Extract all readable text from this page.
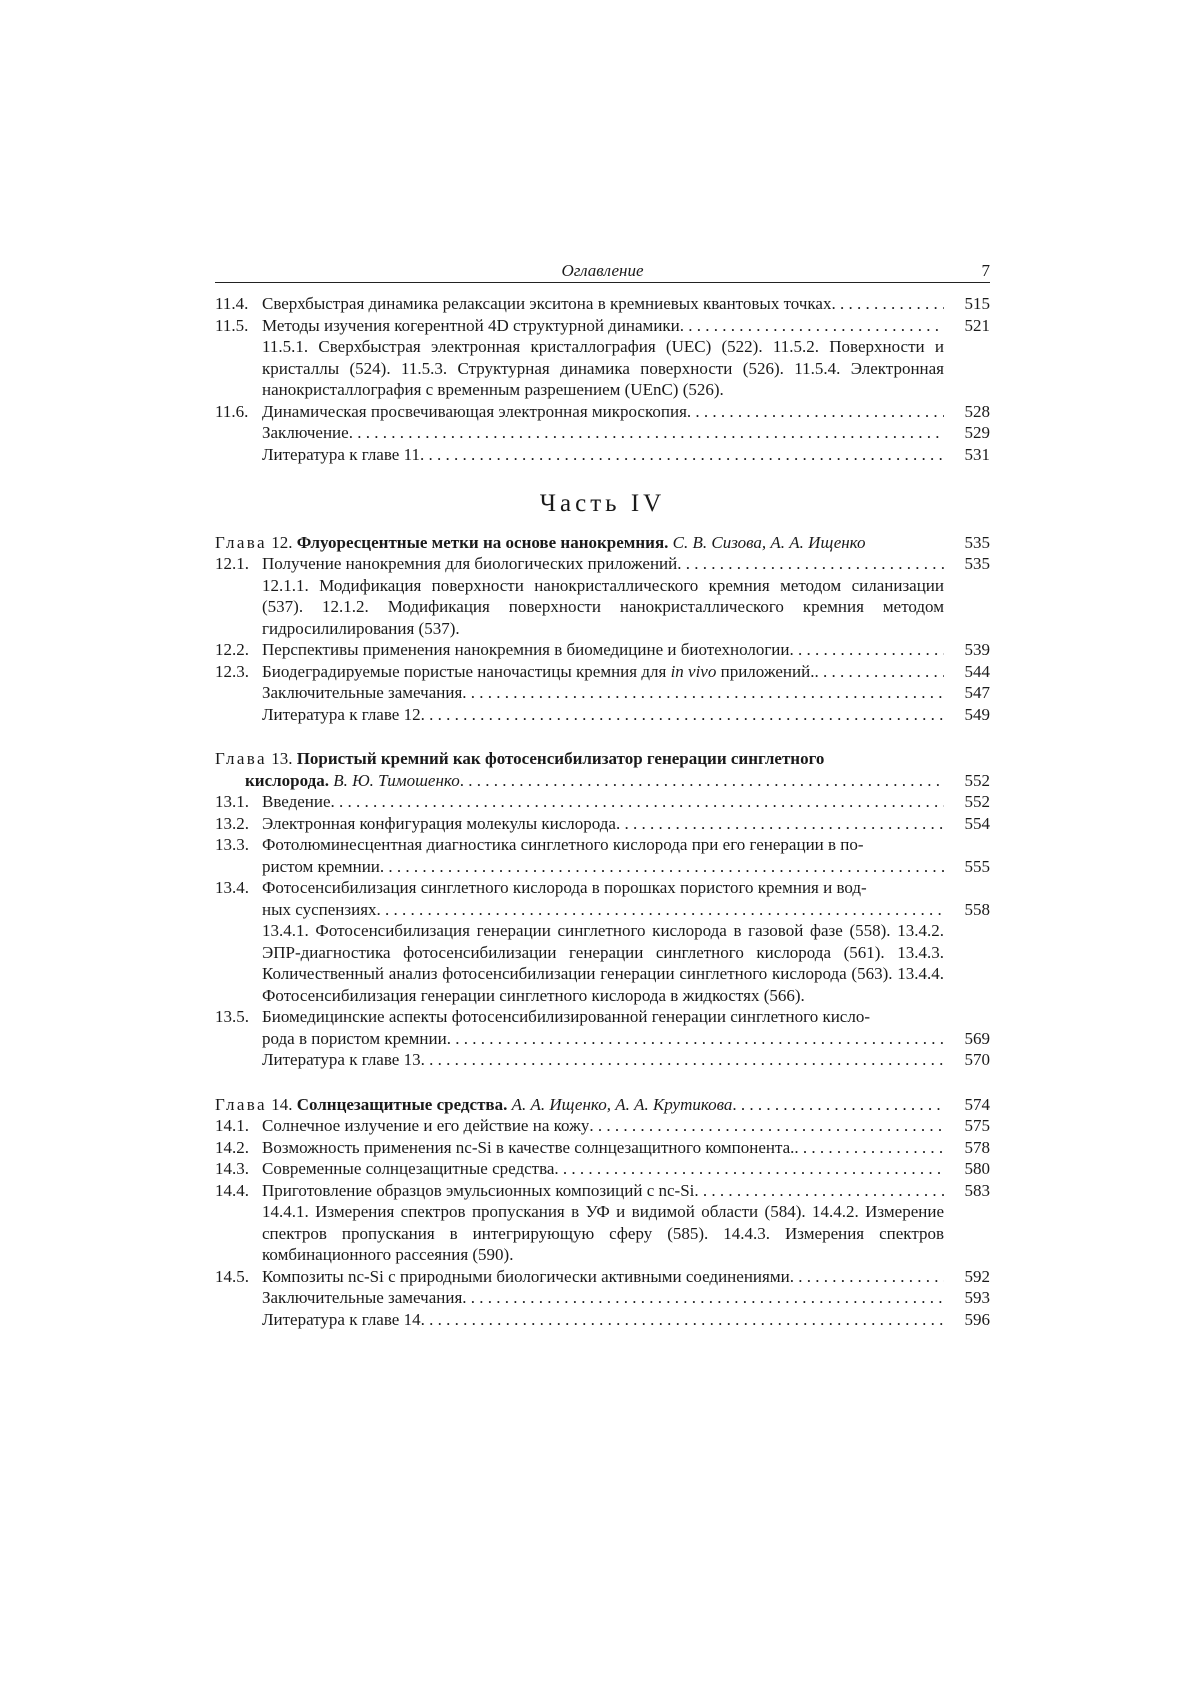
Оглавление	7
11.4. Сверхбыстрая динамика релаксации экситона в кремниевых квантовых точках . . .	515
11.5. Методы изучения когерентной 4D структурной динамики . . .	521
11.5.1. Сверхбыстрая электронная кристаллография (UEC) (522). 11.5.2. Поверхности и кристаллы (524). 11.5.3. Структурная динамика поверхности (526). 11.5.4. Электронная нанокристаллография с временным разрешением (UEnC) (526).
11.6. Динамическая просвечивающая электронная микроскопия . . .	528
Заключение . . .	529
Литература к главе 11 . . .	531
Часть IV
Глава 12. Флуоресцентные метки на основе нанокремния. С. В. Сизова, А. А. Ищенко	535
12.1. Получение нанокремния для биологических приложений . . .	535
12.1.1. Модификация поверхности нанокристаллического кремния методом силанизации (537). 12.1.2. Модификация поверхности нанокристаллического кремния методом гидросилилирования (537).
12.2. Перспективы применения нанокремния в биомедицине и биотехнологии . . .	539
12.3. Биодеградируемые пористые наночастицы кремния для in vivo приложений. . . .	544
Заключительные замечания . . .	547
Литература к главе 12 . . .	549
Глава 13. Пористый кремний как фотосенсибилизатор генерации синглетного
кислорода. В. Ю. Тимошенко . . .	552
13.1. Введение . . .	552
13.2. Электронная конфигурация молекулы кислорода . . .	554
13.3. Фотолюминесцентная диагностика синглетного кислорода при его генерации в по-
ристом кремнии . . .	555
13.4. Фотосенсибилизация синглетного кислорода в порошках пористого кремния и вод-
ных суспензиях . . .	558
13.4.1. Фотосенсибилизация генерации синглетного кислорода в газовой фазе (558). 13.4.2. ЭПР-диагностика фотосенсибилизации генерации синглетного кислорода (561). 13.4.3. Количественный анализ фотосенсибилизации генерации синглетного кислорода (563). 13.4.4. Фотосенсибилизация генерации синглетного кислорода в жидкостях (566).
13.5. Биомедицинские аспекты фотосенсибилизированной генерации синглетного кисло-
рода в пористом кремнии . . .	569
Литература к главе 13 . . .	570
Глава 14. Солнцезащитные средства. А. А. Ищенко, А. А. Крутикова . . .	574
14.1. Солнечное излучение и его действие на кожу . . .	575
14.2. Возможность применения nc-Si в качестве солнцезащитного компонента. . . .	578
14.3. Современные солнцезащитные средства . . .	580
14.4. Приготовление образцов эмульсионных композиций с nc-Si . . .	583
14.4.1. Измерения спектров пропускания в УФ и видимой области (584). 14.4.2. Измерение спектров пропускания в интегрирующую сферу (585). 14.4.3. Измерения спектров комбинационного рассеяния (590).
14.5. Композиты nc-Si с природными биологически активными соединениями . . .	592
Заключительные замечания . . .	593
Литература к главе 14 . . .	596
